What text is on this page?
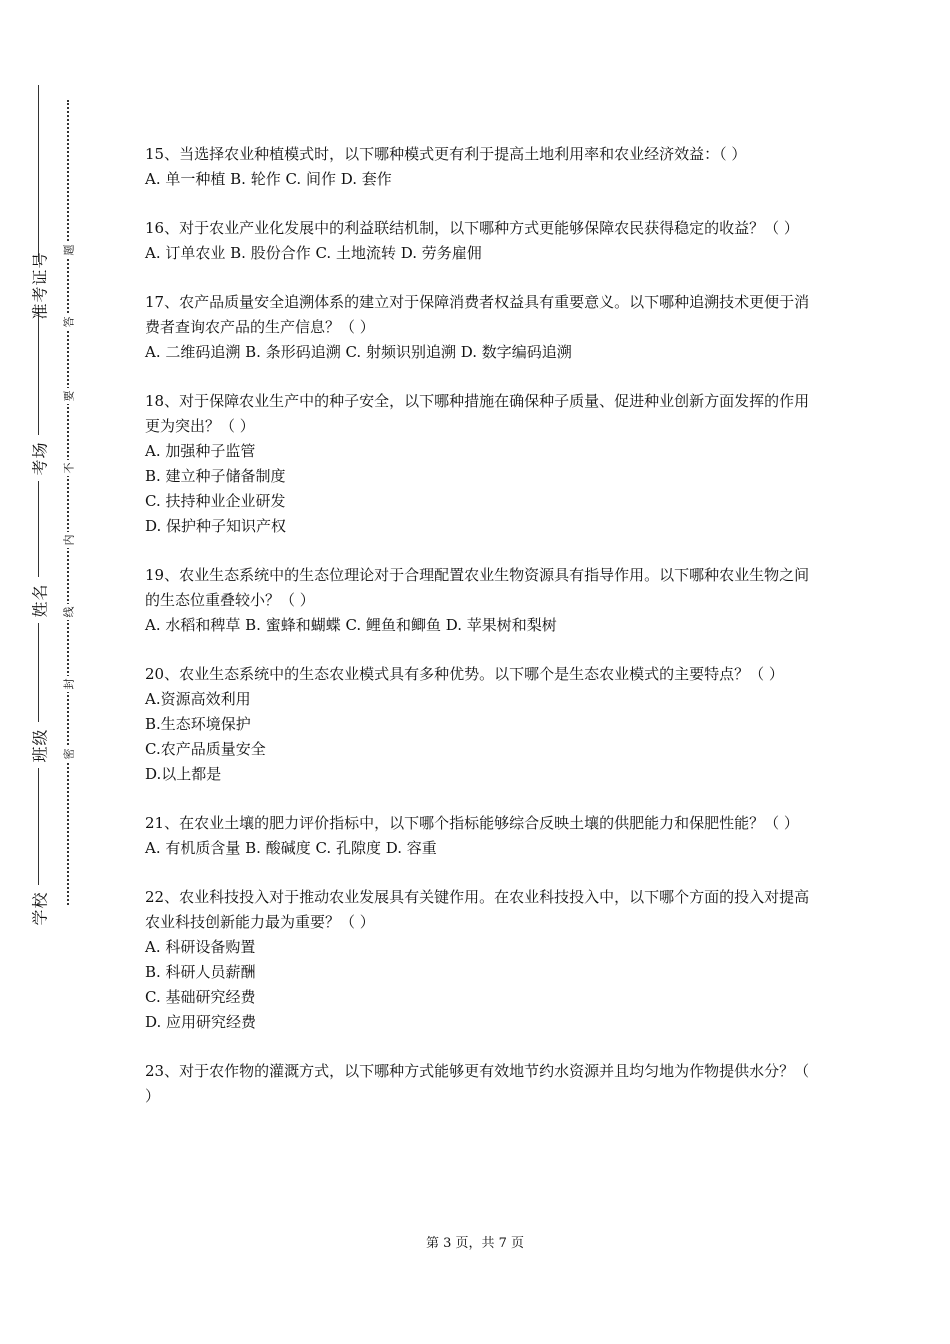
准考证号
考场
姓名
班级
学校
题
答
要
不
内
线
封
密

15、当选择农业种植模式时，以下哪种模式更有利于提高土地利用率和农业经济效益：（ ）

A. 单一种植 B. 轮作 C. 间作 D. 套作

16、对于农业产业化发展中的利益联结机制，以下哪种方式更能够保障农民获得稳定的收益？（ ）

A. 订单农业 B. 股份合作 C. 土地流转 D. 劳务雇佣

17、农产品质量安全追溯体系的建立对于保障消费者权益具有重要意义。以下哪种追溯技术更便于消费者查询农产品的生产信息？（ ）

A. 二维码追溯 B. 条形码追溯 C. 射频识别追溯 D. 数字编码追溯

18、对于保障农业生产中的种子安全，以下哪种措施在确保种子质量、促进种业创新方面发挥的作用更为突出？（ ）

A. 加强种子监管

B. 建立种子储备制度

C. 扶持种业企业研发

D. 保护种子知识产权

19、农业生态系统中的生态位理论对于合理配置农业生物资源具有指导作用。以下哪种农业生物之间的生态位重叠较小？（ ）

A. 水稻和稗草 B. 蜜蜂和蝴蝶 C. 鲤鱼和鲫鱼 D. 苹果树和梨树

20、农业生态系统中的生态农业模式具有多种优势。以下哪个是生态农业模式的主要特点？（ ）

A.资源高效利用

B.生态环境保护

C.农产品质量安全

D.以上都是

21、在农业土壤的肥力评价指标中，以下哪个指标能够综合反映土壤的供肥能力和保肥性能？（ ）

A. 有机质含量 B. 酸碱度 C. 孔隙度 D. 容重

22、农业科技投入对于推动农业发展具有关键作用。在农业科技投入中，以下哪个方面的投入对提高农业科技创新能力最为重要？（ ）

A. 科研设备购置

B. 科研人员薪酬

C. 基础研究经费

D. 应用研究经费

23、对于农作物的灌溉方式，以下哪种方式能够更有效地节约水资源并且均匀地为作物提供水分？（ ）

第 3 页，共 7 页
